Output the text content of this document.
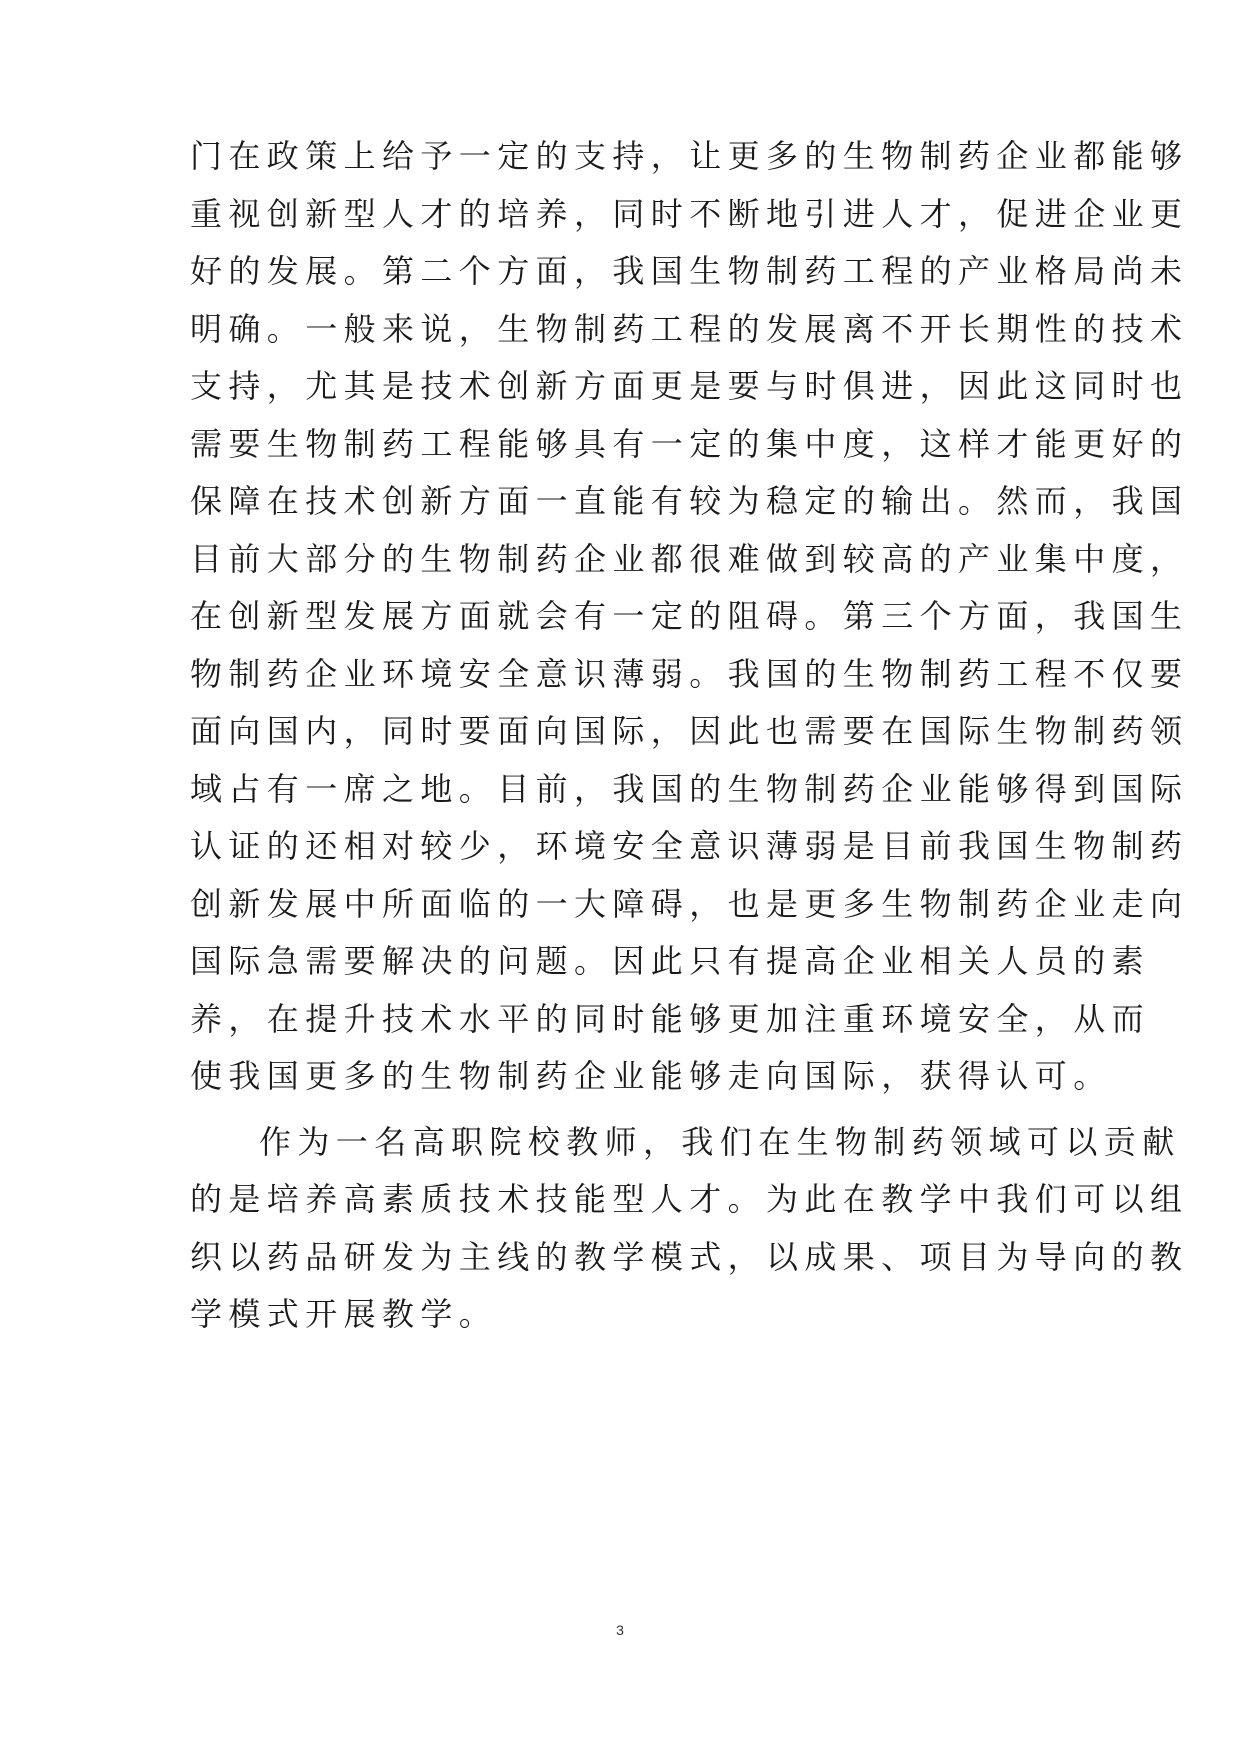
门在政策上给予一定的支持，让更多的生物制药企业都能够
重视创新型人才的培养，同时不断地引进人才，促进企业更
好的发展。第二个方面，我国生物制药工程的产业格局尚未
明确。一般来说，生物制药工程的发展离不开长期性的技术
支持，尤其是技术创新方面更是要与时俱进，因此这同时也
需要生物制药工程能够具有一定的集中度，这样才能更好的
保障在技术创新方面一直能有较为稳定的输出。然而，我国
目前大部分的生物制药企业都很难做到较高的产业集中度，
在创新型发展方面就会有一定的阻碍。第三个方面，我国生
物制药企业环境安全意识薄弱。我国的生物制药工程不仅要
面向国内，同时要面向国际，因此也需要在国际生物制药领
域占有一席之地。目前，我国的生物制药企业能够得到国际
认证的还相对较少，环境安全意识薄弱是目前我国生物制药
创新发展中所面临的一大障碍，也是更多生物制药企业走向
国际急需要解决的问题。因此只有提高企业相关人员的素
养，在提升技术水平的同时能够更加注重环境安全，从而
使我国更多的生物制药企业能够走向国际，获得认可。
作为一名高职院校教师，我们在生物制药领域可以贡献
的是培养高素质技术技能型人才。为此在教学中我们可以组
织以药品研发为主线的教学模式，以成果、项目为导向的教
学模式开展教学。
3
